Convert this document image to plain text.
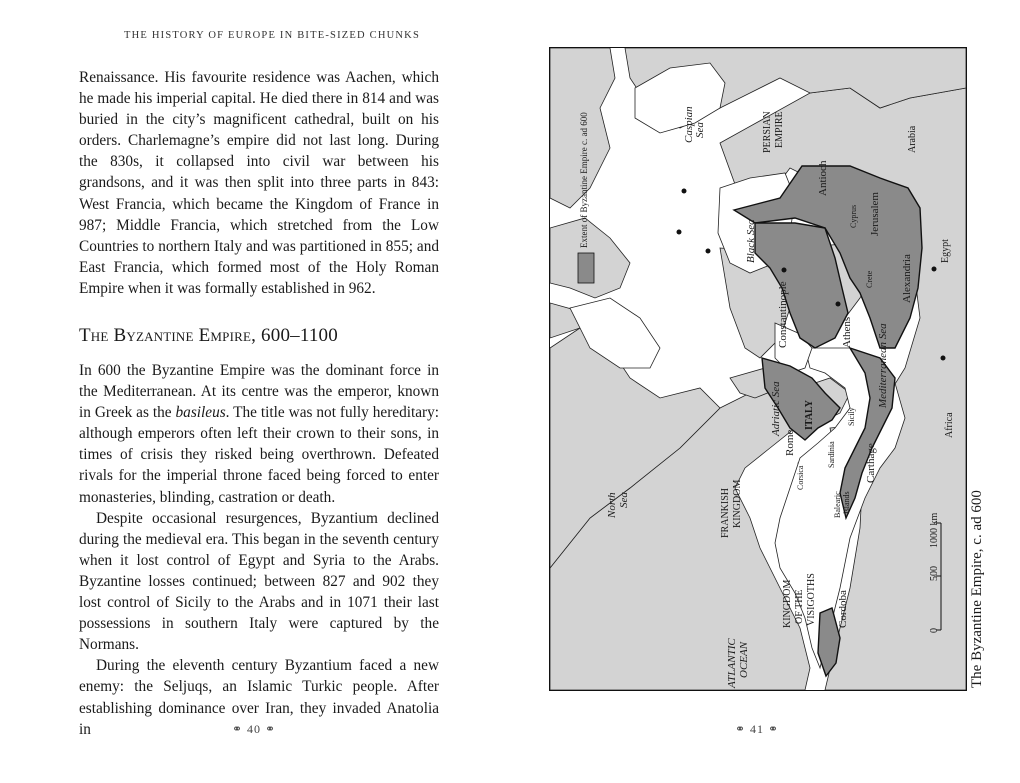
THE HISTORY OF EUROPE IN BITE-SIZED CHUNKS

Renaissance. His favourite residence was Aachen, which he made his imperial capital. He died there in 814 and was buried in the city’s magnificent cathedral, built on his orders. Charlemagne’s empire did not last long. During the 830s, it collapsed into civil war between his grandsons, and it was then split into three parts in 843: West Francia, which became the Kingdom of France in 987; Middle Francia, which stretched from the Low Countries to northern Italy and was partitioned in 855; and East Francia, which formed most of the Holy Roman Empire when it was formally established in 962.

The Byzantine Empire, 600–1100

In 600 the Byzantine Empire was the dominant force in the Mediterranean. At its centre was the emperor, known in Greek as the basileus. The title was not fully hereditary: although emperors often left their crown to their sons, in times of crisis they risked being overthrown. Defeated rivals for the imperial throne faced being forced to enter monasteries, blinding, castration or death.

Despite occasional resurgences, Byzantium declined during the medieval era. This began in the seventh century when it lost control of Egypt and Syria to the Arabs. Byzantine losses continued; between 827 and 902 they lost control of Sicily to the Arabs and in 1071 their last possessions in southern Italy were captured by the Normans.

During the eleventh century Byzantium faced a new enemy: the Seljuqs, an Islamic Turkic people. After establishing dominance over Iran, they invaded Anatolia in	⚭ 40 ⚭
Extent of Byzantine Empire c. ad 600	Caspian Sea	PERSIAN EMPIRE	Arabia
Egypt
Africa
Black Sea
Adriatic Sea
Mediterranean Sea
North Sea
ATLANTIC OCEAN
FRANKISH KINGDOM
KINGDOM OF THE VISIGOTHS
Antioch
Jerusalem
Alexandria
Constantinople	Athens
Rome
Carthage
Cordoba
Cyprus
Crete
Sicily
Sardinia
Corsica
Balearic Islands
ITALY
0
500
1000 km The Byzantine Empire, c. ad 600
⚭ 41 ⚭
